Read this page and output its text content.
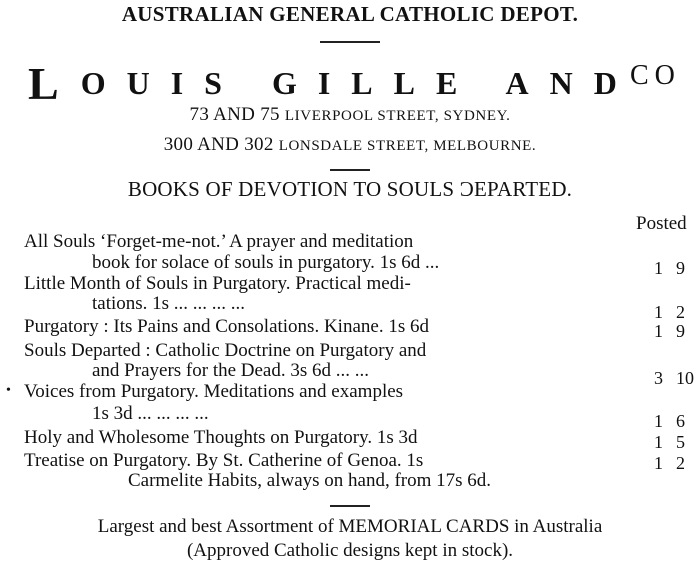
AUSTRALIAN GENERAL CATHOLIC DEPOT.
LOUIS GILLE AND
CO
73 AND 75 LIVERPOOL STREET, SYDNEY.
300 AND 302 LONSDALE STREET, MELBOURNE.
BOOKS OF DEVOTION TO SOULS ƆEPARTED.
Posted
All Souls ‘Forget-me-not.’ A prayer and meditation
book for solace of souls in purgatory. 1s 6d ...
Little Month of Souls in Purgatory. Practical medi-
tations. 1s ... ... ... ...
Purgatory : Its Pains and Consolations. Kinane. 1s 6d
Souls Departed : Catholic Doctrine on Purgatory and
and Prayers for the Dead. 3s 6d ... ...
Voices from Purgatory. Meditations and examples
1s 3d ... ... ... ...
Holy and Wholesome Thoughts on Purgatory. 1s 3d
Treatise on Purgatory. By St. Catherine of Genoa. 1s
Carmelite Habits, always on hand, from 17s 6d.
•
1 9
1 2
1 9
3 10
1 6
1 5
1 2
Largest and best Assortment of MEMORIAL CARDS in Australia
(Approved Catholic designs kept in stock).
